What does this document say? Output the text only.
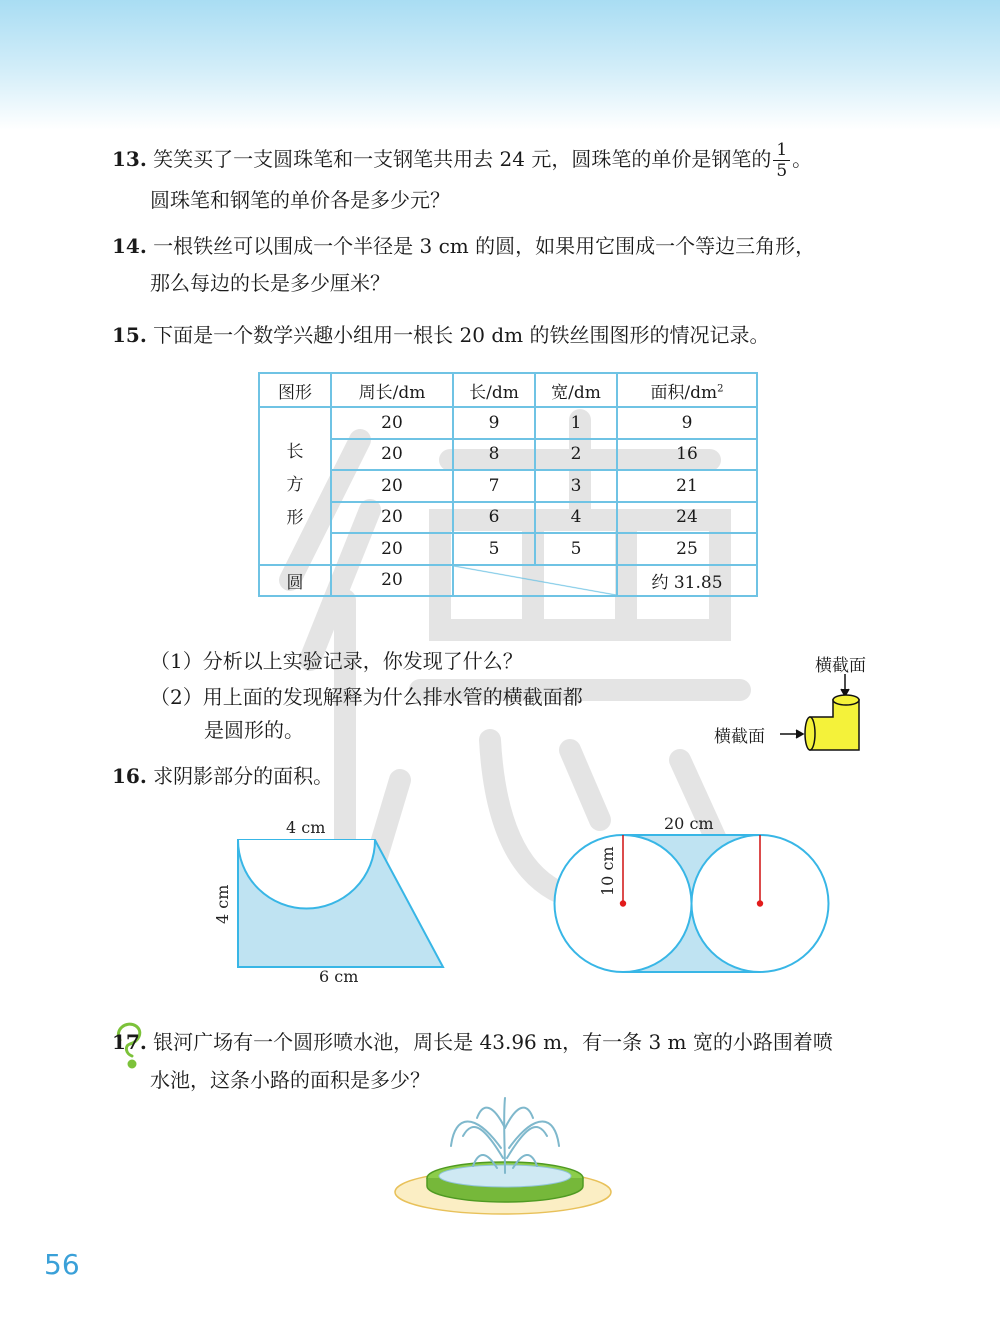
13. 笑笑买了一支圆珠笔和一支钢笔共用去 24 元，圆珠笔的单价是钢笔的 $\frac{1}{5}$ 。
圆珠笔和钢笔的单价各是多少元？
14. 一根铁丝可以围成一个半径是 3 cm 的圆，如果用它围成一个等边三角形，
那么每边的长是多少厘米？
15. 下面是一个数学兴趣小组用一根长 20 dm 的铁丝围图形的情况记录。
图形	周长/dm	长/dm	宽/dm	面积$/dm^2$

长
方
形	20	9	1	9
	20	8	2	16
	20	7	3	21
	20	6	4	24
	20	5	5	25
圆	20			约 31.85
（1）分析以上实验记录，你发现了什么？
（2）用上面的发现解释为什么排水管的横截面都
是圆形的。
横截面
横截面
16. 求阴影部分的面积。
4 cm
6 cm
4 cm
20 cm
10 cm
17. 银河广场有一个圆形喷水池，周长是 43.96 m，有一条 3 m 宽的小路围着喷
水池，这条小路的面积是多少？
56
